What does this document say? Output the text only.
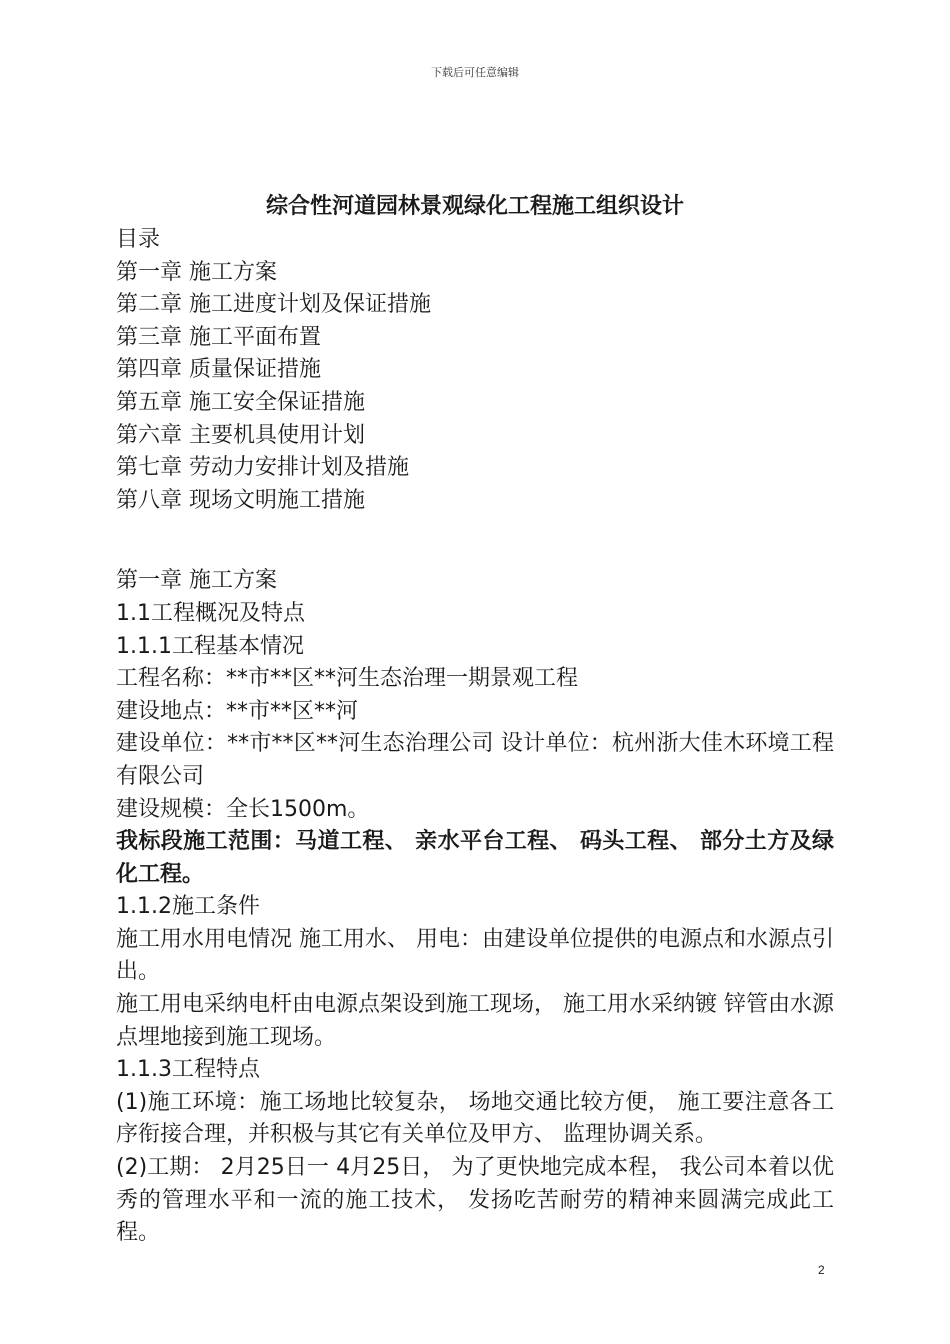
下载后可任意编辑
综合性河道园林景观绿化工程施工组织设计

目录

第一章 施工方案

第二章 施工进度计划及保证措施

第三章 施工平面布置

第四章 质量保证措施

第五章 施工安全保证措施

第六章 主要机具使用计划

第七章 劳动力安排计划及措施

第八章 现场文明施工措施

第一章 施工方案

1.1工程概况及特点

1.1.1工程基本情况

工程名称：**市**区**河生态治理一期景观工程

建设地点：**市**区**河

建设单位：**市**区**河生态治理公司 设计单位：杭州浙大佳木环境工程有限公司

建设规模：全长1500m。

我标段施工范围：马道工程、 亲水平台工程、 码头工程、 部分土方及绿化工程。

1.1.2施工条件

施工用水用电情况 施工用水、 用电：由建设单位提供的电源点和水源点引出。

施工用电采纳电杆由电源点架设到施工现场， 施工用水采纳镀 锌管由水源点埋地接到施工现场。

1.1.3工程特点

(1)施工环境：施工场地比较复杂， 场地交通比较方便， 施工要注意各工序衔接合理，并积极与其它有关单位及甲方、 监理协调关系。

(2)工期： 2月25日一 4月25日， 为了更快地完成本程， 我公司本着以优秀的管理水平和一流的施工技术， 发扬吃苦耐劳的精神来圆满完成此工程。

2
